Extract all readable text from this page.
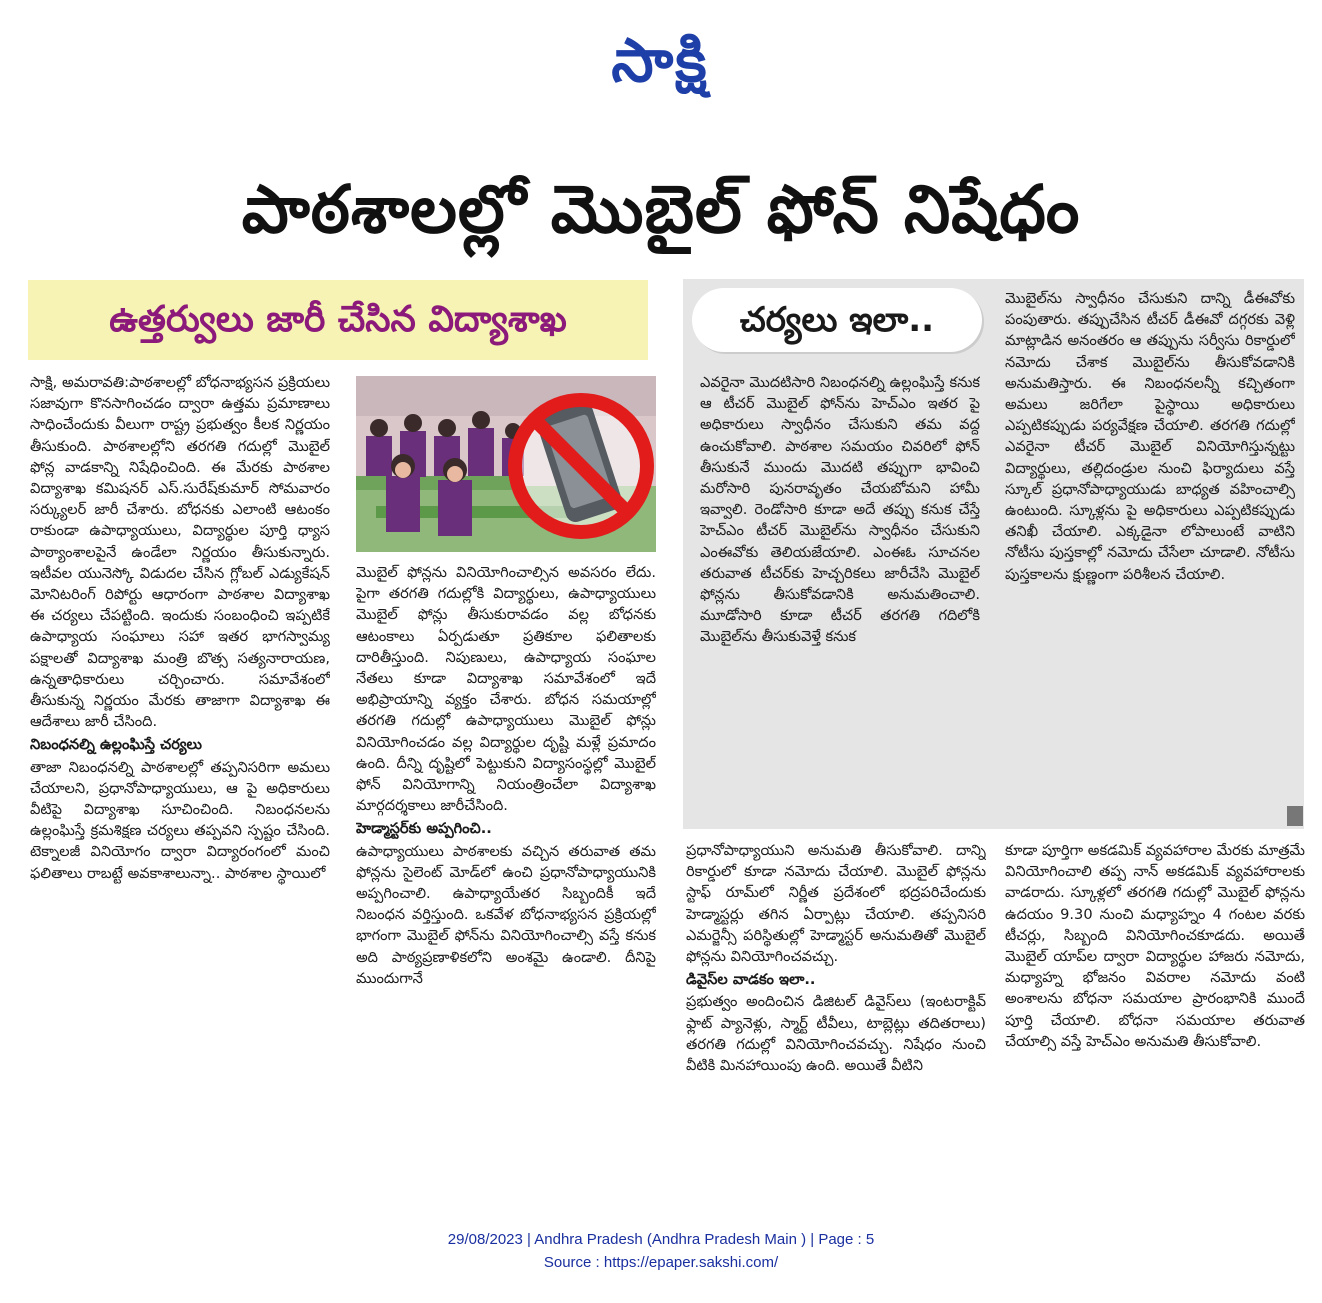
సాక్షి
పాఠశాలల్లో మొబైల్ ఫోన్ నిషేధం
ఉత్తర్వులు జారీ చేసిన విద్యాశాఖ	చర్యలు ఇలా..

సాక్షి, అమరావతి:పాఠశాలల్లో బోధనాభ్యసన ప్రక్రియలు సజావుగా కొనసాగించడం ద్వారా ఉత్తమ ప్రమాణాలు సాధించేందుకు వీలుగా రాష్ట్ర ప్రభుత్వం కీలక నిర్ణయం తీసుకుంది. పాఠశాలల్లోని తరగతి గదుల్లో మొబైల్ ఫోన్ల వాడకాన్ని నిషేధించింది. ఈ మేరకు పాఠశాల విద్యాశాఖ కమిషనర్ ఎస్.సురేష్‌కుమార్ సోమవారం సర్క్యులర్ జారీ చేశారు. బోధనకు ఎలాంటి ఆటంకం రాకుండా ఉపాధ్యాయులు, విద్యార్థుల పూర్తి ధ్యాస పాఠ్యాంశాలపైనే ఉండేలా నిర్ణయం తీసుకున్నారు. ఇటీవల యునెస్కో విడుదల చేసిన గ్లోబల్ ఎడ్యుకేషన్ మోనిటరింగ్ రిపోర్టు ఆధారంగా పాఠశాల విద్యాశాఖ ఈ చర్యలు చేపట్టింది. ఇందుకు సంబంధించి ఇప్పటికే ఉపాధ్యాయ సంఘాలు సహా ఇతర భాగస్వామ్య పక్షాలతో విద్యాశాఖ మంత్రి బొత్స సత్యనారాయణ, ఉన్నతాధికారులు చర్చించారు. సమావేశంలో తీసుకున్న నిర్ణయం మేరకు తాజాగా విద్యాశాఖ ఈ ఆదేశాలు జారీ చేసింది.

నిబంధనల్ని ఉల్లంఘిస్తే చర్యలు

తాజా నిబంధనల్ని పాఠశాలల్లో తప్పనిసరిగా అమలు చేయాలని, ప్రధానోపాధ్యాయులు, ఆ పై అధికారులు వీటిపై విద్యాశాఖ సూచించింది. నిబంధనలను ఉల్లంఘిస్తే క్రమశిక్షణ చర్యలు తప్పవని స్పష్టం చేసింది. టెక్నాలజీ వినియోగం ద్వారా విద్యారంగంలో మంచి ఫలితాలు రాబట్టే అవకాశాలున్నా.. పాఠశాల స్థాయిలో

మొబైల్ ఫోన్లను వినియోగించాల్సిన అవసరం లేదు. పైగా తరగతి గదుల్లోకి విద్యార్థులు, ఉపాధ్యాయులు మొబైల్ ఫోన్లు తీసుకురావడం వల్ల బోధనకు ఆటంకాలు ఏర్పడుతూ ప్రతికూల ఫలితాలకు దారితీస్తుంది. నిపుణులు, ఉపాధ్యాయ సంఘాల నేతలు కూడా విద్యాశాఖ సమావేశంలో ఇదే అభిప్రాయాన్ని వ్యక్తం చేశారు. బోధన సమయాల్లో తరగతి గదుల్లో ఉపాధ్యాయులు మొబైల్ ఫోన్లు వినియోగించడం వల్ల విద్యార్థుల దృష్టి మళ్లే ప్రమాదం ఉంది. దీన్ని దృష్టిలో పెట్టుకుని విద్యాసంస్థల్లో మొబైల్ ఫోన్ వినియోగాన్ని నియంత్రించేలా విద్యాశాఖ మార్గదర్శకాలు జారీచేసింది.

హెడ్మాస్టర్‌కు అప్పగించి..

ఉపాధ్యాయులు పాఠశాలకు వచ్చిన తరువాత తమ ఫోన్లను సైలెంట్ మోడ్‌లో ఉంచి ప్రధానోపాధ్యాయునికి అప్పగించాలి. ఉపాధ్యాయేతర సిబ్బందికీ ఇదే నిబంధన వర్తిస్తుంది. ఒకవేళ బోధనాభ్యసన ప్రక్రియల్లో భాగంగా మొబైల్ ఫోన్‌ను వినియోగించాల్సి వస్తే కనుక అది పాఠ్యప్రణాళికలోని అంశమై ఉండాలి. దీనిపై ముందుగానే

ఎవరైనా మొదటిసారి నిబంధనల్ని ఉల్లంఘిస్తే కనుక ఆ టీచర్ మొబైల్ ఫోన్‌ను హెచ్ఎం ఇతర పై అధికారులు స్వాధీనం చేసుకుని తమ వద్ద ఉంచుకోవాలి. పాఠశాల సమయం చివరిలో ఫోన్ తీసుకునే ముందు మొదటి తప్పుగా భావించి మరోసారి పునరావృతం చేయబోమని హామీ ఇవ్వాలి. రెండోసారి కూడా అదే తప్పు కనుక చేస్తే హెచ్ఎం టీచర్ మొబైల్‌ను స్వాధీనం చేసుకుని ఎంఈవోకు తెలియజేయాలి. ఎంఈఓ సూచనల తరువాత టీచర్‌కు హెచ్చరికలు జారీచేసి మొబైల్ ఫోన్లను తీసుకోవడానికి అనుమతించాలి. మూడోసారి కూడా టీచర్ తరగతి గదిలోకి మొబైల్‌ను తీసుకువెళ్తే కనుక

మొబైల్‌ను స్వాధీనం చేసుకుని దాన్ని డీఈవోకు పంపుతారు. తప్పుచేసిన టీచర్ డీఈవో దగ్గరకు వెళ్లి మాట్లాడిన అనంతరం ఆ తప్పును సర్వీసు రికార్డులో నమోదు చేశాక మొబైల్‌ను తీసుకోవడానికి అనుమతిస్తారు. ఈ నిబంధనలన్నీ కచ్చితంగా అమలు జరిగేలా పైస్థాయి అధికారులు ఎప్పటికప్పుడు పర్యవేక్షణ చేయాలి. తరగతి గదుల్లో ఎవరైనా టీచర్ మొబైల్ వినియోగిస్తున్నట్టు విద్యార్థులు, తల్లిదండ్రుల నుంచి ఫిర్యాదులు వస్తే స్కూల్ ప్రధానోపాధ్యాయుడు బాధ్యత వహించాల్సి ఉంటుంది. స్కూళ్లను పై అధికారులు ఎప్పటికప్పుడు తనిఖీ చేయాలి. ఎక్కడైనా లోపాలుంటే వాటిని నోటీసు పుస్తకాల్లో నమోదు చేసేలా చూడాలి. నోటీసు పుస్తకాలను క్షుణ్ణంగా పరిశీలన చేయాలి.

ప్రధానోపాధ్యాయుని అనుమతి తీసుకోవాలి. దాన్ని రికార్డులో కూడా నమోదు చేయాలి. మొబైల్ ఫోన్లను స్టాఫ్ రూమ్‌లో నిర్ణీత ప్రదేశంలో భద్రపరిచేందుకు హెడ్మాస్టర్లు తగిన ఏర్పాట్లు చేయాలి. తప్పనిసరి ఎమర్జెన్సీ పరిస్థితుల్లో హెడ్మాస్టర్ అనుమతితో మొబైల్ ఫోన్లను వినియోగించవచ్చు.

డివైస్‌ల వాడకం ఇలా..

ప్రభుత్వం అందించిన డిజిటల్ డివైస్‌లు (ఇంటరాక్టివ్ ఫ్లాట్ ప్యానెళ్లు, స్మార్ట్ టీవీలు, టాబ్లెట్లు తదితరాలు) తరగతి గదుల్లో వినియోగించవచ్చు. నిషేధం నుంచి వీటికి మినహాయింపు ఉంది. అయితే వీటిని

కూడా పూర్తిగా అకడమిక్ వ్యవహారాల మేరకు మాత్రమే వినియోగించాలి తప్ప నాన్ అకడమిక్ వ్యవహారాలకు వాడరాదు. స్కూళ్లలో తరగతి గదుల్లో మొబైల్ ఫోన్లను ఉదయం 9.30 నుంచి మధ్యాహ్నం 4 గంటల వరకు టీచర్లు, సిబ్బంది వినియోగించకూడదు. అయితే మొబైల్ యాప్‌ల ద్వారా విద్యార్థుల హాజరు నమోదు, మధ్యాహ్న భోజనం వివరాల నమోదు వంటి అంశాలను బోధనా సమయాల ప్రారంభానికి ముందే పూర్తి చేయాలి. బోధనా సమయాల తరువాత చేయాల్సి వస్తే హెచ్ఎం అనుమతి తీసుకోవాలి.

29/08/2023 | Andhra Pradesh (Andhra Pradesh Main ) | Page : 5
Source : https://epaper.sakshi.com/
